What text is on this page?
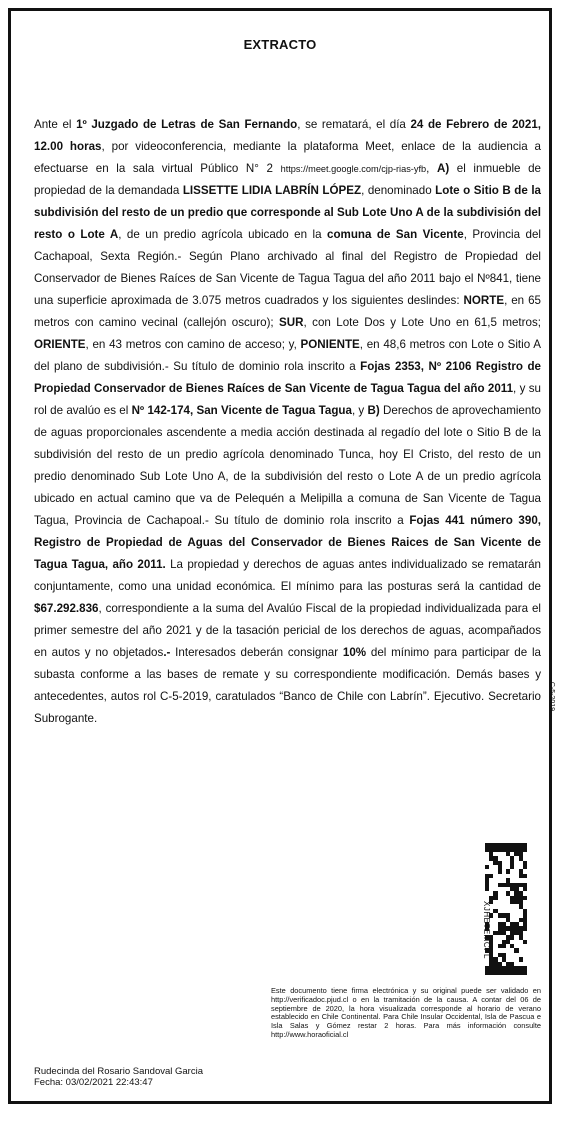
EXTRACTO
Ante el 1º Juzgado de Letras de San Fernando, se rematará, el día 24 de Febrero de 2021, 12.00 horas, por videoconferencia, mediante la plataforma Meet, enlace de la audiencia a efectuarse en la sala virtual Público N° 2 https://meet.google.com/cjp-rias-yfb, A) el inmueble de propiedad de la demandada LISSETTE LIDIA LABRÍN LÓPEZ, denominado Lote o Sitio B de la subdivisión del resto de un predio que corresponde al Sub Lote Uno A de la subdivisión del resto o Lote A, de un predio agrícola ubicado en la comuna de San Vicente, Provincia del Cachapoal, Sexta Región.- Según Plano archivado al final del Registro de Propiedad del Conservador de Bienes Raíces de San Vicente de Tagua Tagua del año 2011 bajo el Nº841, tiene una superficie aproximada de 3.075 metros cuadrados y los siguientes deslindes: NORTE, en 65 metros con camino vecinal (callejón oscuro); SUR, con Lote Dos y Lote Uno en 61,5 metros; ORIENTE, en 43 metros con camino de acceso; y, PONIENTE, en 48,6 metros con Lote o Sitio A del plano de subdivisión.- Su título de dominio rola inscrito a Fojas 2353, Nº 2106 Registro de Propiedad Conservador de Bienes Raíces de San Vicente de Tagua Tagua del año 2011, y su rol de avalúo es el Nº 142-174, San Vicente de Tagua Tagua, y B) Derechos de aprovechamiento de aguas proporcionales ascendente a media acción destinada al regadío del lote o Sitio B de la subdivisión del resto de un predio agrícola denominado Tunca, hoy El Cristo, del resto de un predio denominado Sub Lote Uno A, de la subdivisión del resto o Lote A de un predio agrícola ubicado en actual camino que va de Pelequén a Melipilla a comuna de San Vicente de Tagua Tagua, Provincia de Cachapoal.- Su título de dominio rola inscrito a Fojas 441 número 390, Registro de Propiedad de Aguas del Conservador de Bienes Raices de San Vicente de Tagua Tagua, año 2011. La propiedad y derechos de aguas antes individualizado se rematarán conjuntamente, como una unidad económica. El mínimo para las posturas será la cantidad de $67.292.836, correspondiente a la suma del Avalúo Fiscal de la propiedad individualizada para el primer semestre del año 2021 y de la tasación pericial de los derechos de aguas, acompañados en autos y no objetados.- Interesados deberán consignar 10% del mínimo para participar de la subasta conforme a las bases de remate y su correspondiente modificación. Demás bases y antecedentes, autos rol C-5-2019, caratulados “Banco de Chile con Labrín”. Ejecutivo. Secretario Subrogante.
C-5-2019
XJHETEMCPL
Este documento tiene firma electrónica y su original puede ser validado en http://verificadoc.pjud.cl o en la tramitación de la causa. A contar del 06 de septiembre de 2020, la hora visualizada corresponde al horario de verano establecido en Chile Continental. Para Chile Insular Occidental, Isla de Pascua e Isla Salas y Gómez restar 2 horas. Para más información consulte http://www.horaoficial.cl
Rudecinda del Rosario Sandoval Garcia
Fecha: 03/02/2021 22:43:47
